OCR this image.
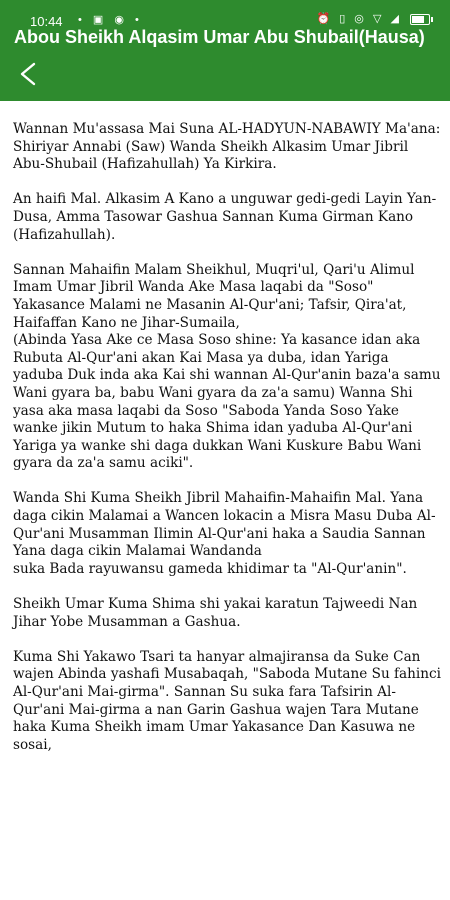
10:44 • ▣ ◉ •	⏰ ▯ ◎ ▽ ◢
Abou Sheikh Alqasim Umar Abu Shubail(Hausa)

Wannan Mu'assasa Mai Suna AL-HADYUN-NABAWIY Ma'ana: Shiriyar Annabi (Saw) Wanda Sheikh Alkasim Umar Jibril Abu-Shubail (Hafizahullah) Ya Kirkira.

An haifi Mal. Alkasim A Kano a unguwar gedi-gedi Layin Yan-Dusa, Amma Tasowar Gashua Sannan Kuma Girman Kano (Hafizahullah).

Sannan Mahaifin Malam Sheikhul, Muqri'ul, Qari'u Alimul Imam Umar Jibril Wanda Ake Masa laqabi da "Soso" Yakasance Malami ne Masanin Al-Qur'ani; Tafsir, Qira'at, Haifaffan Kano ne Jihar-Sumaila,
(Abinda Yasa Ake ce Masa Soso shine: Ya kasance idan aka Rubuta Al-Qur'ani akan Kai Masa ya duba, idan Yariga yaduba Duk inda aka Kai shi wannan Al-Qur'anin baza'a samu Wani gyara ba, babu Wani gyara da za'a samu) Wanna Shi yasa aka masa laqabi da Soso "Saboda Yanda Soso Yake wanke jikin Mutum to haka Shima idan yaduba Al-Qur'ani Yariga ya wanke shi daga dukkan Wani Kuskure Babu Wani gyara da za'a samu aciki".

Wanda Shi Kuma Sheikh Jibril Mahaifin-Mahaifin Mal. Yana daga cikin Malamai a Wancen lokacin a Misra Masu Duba Al-Qur'ani Musamman Ilimin Al-Qur'ani haka a Saudia Sannan Yana daga cikin Malamai Wandanda
suka Bada rayuwansu gameda khidimar ta "Al-Qur'anin".

Sheikh Umar Kuma Shima shi yakai karatun Tajweedi Nan Jihar Yobe Musamman a Gashua.

Kuma Shi Yakawo Tsari ta hanyar almajiransa da Suke Can wajen Abinda yashafi Musabaqah, "Saboda Mutane Su fahinci Al-Qur'ani Mai-girma". Sannan Su suka fara Tafsirin Al-Qur'ani Mai-girma a nan Garin Gashua wajen Tara Mutane haka Kuma Sheikh imam Umar Yakasance Dan Kasuwa ne sosai,
